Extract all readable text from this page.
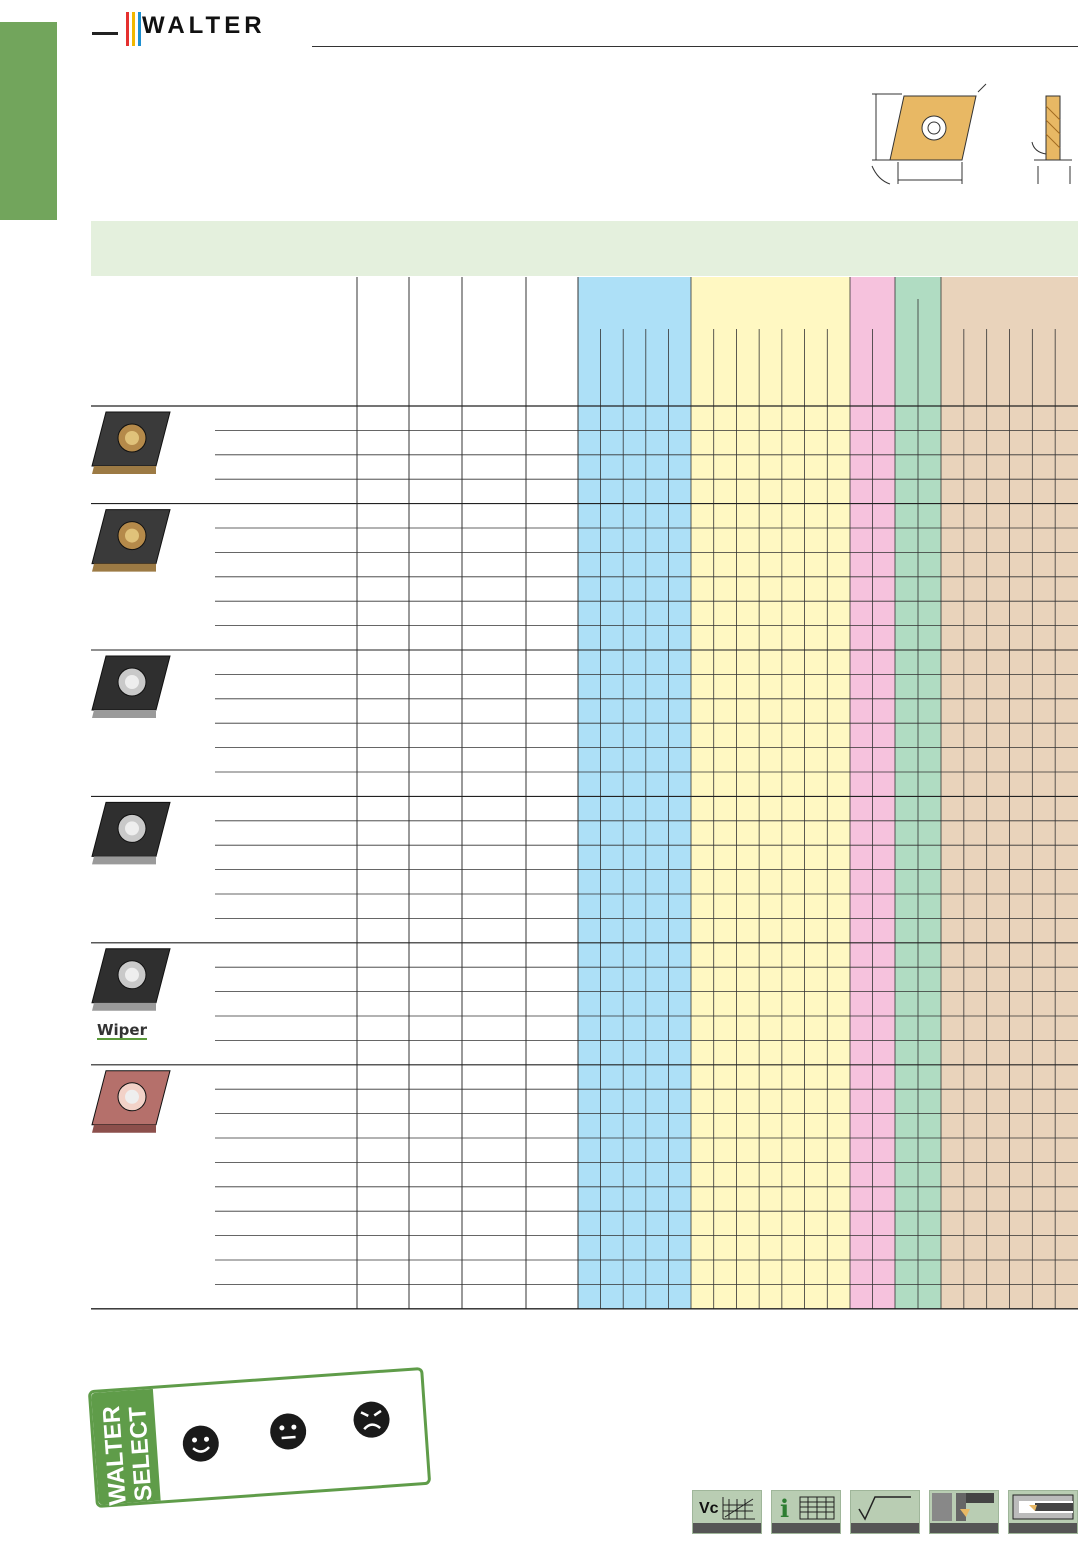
WALTER
Wiper
WALTER
SELECT
Vc	i
